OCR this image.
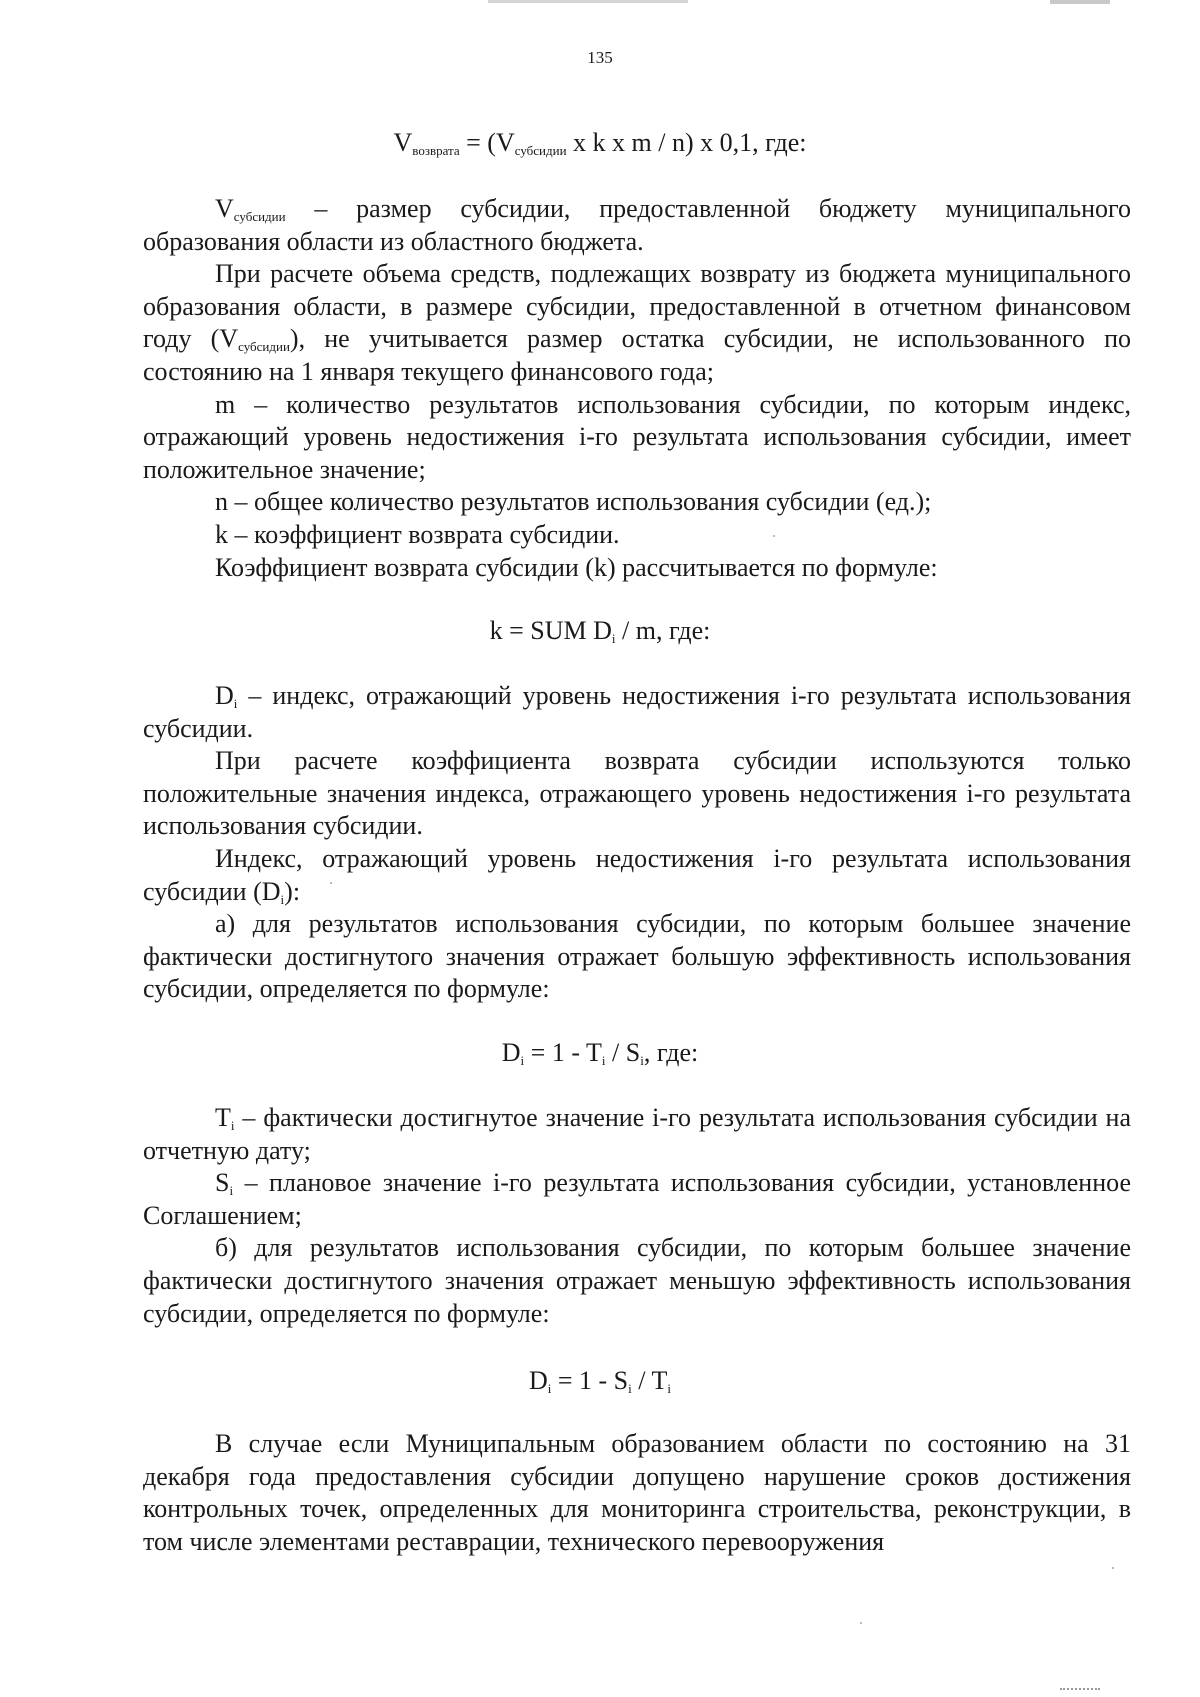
135
$V_{возврата} = (V_{субсидии}$ x k x m / n) x 0,1, где:

$V_{субсидии}$ – размер субсидии, предоставленной бюджету муниципального образования области из областного бюджета.

При расчете объема средств, подлежащих возврату из бюджета муниципального образования области, в размере субсидии, предоставленной в отчетном финансовом году $(V_{субсидии})$, не учитывается размер остатка субсидии, не использованного по состоянию на 1 января текущего финансового года;

m – количество результатов использования субсидии, по которым индекс, отражающий уровень недостижения i-го результата использования субсидии, имеет положительное значение;

n – общее количество результатов использования субсидии (ед.);

k – коэффициент возврата субсидии.

Коэффициент возврата субсидии (k) рассчитывается по формуле:

k = SUM $D_i$ / m, где:

$D_i$ – индекс, отражающий уровень недостижения i-го результата использования субсидии.

При расчете коэффициента возврата субсидии используются только положительные значения индекса, отражающего уровень недостижения i-го результата использования субсидии.

Индекс, отражающий уровень недостижения i-го результата использования субсидии $(D_i)$:

а) для результатов использования субсидии, по которым большее значение фактически достигнутого значения отражает большую эффективность использования субсидии, определяется по формуле:

$D_i = 1 - T_i / S_i$, где:

$T_i$ – фактически достигнутое значение i-го результата использования субсидии на отчетную дату;

$S_i$ – плановое значение i-го результата использования субсидии, установленное Соглашением;

б) для результатов использования субсидии, по которым большее значение фактически достигнутого значения отражает меньшую эффективность использования субсидии, определяется по формуле:

$D_i = 1 - S_i / T_i$

В случае если Муниципальным образованием области по состоянию на 31 декабря года предоставления субсидии допущено нарушение сроков достижения контрольных точек, определенных для мониторинга строительства, реконструкции, в том числе элементами реставрации, технического перевооружения
